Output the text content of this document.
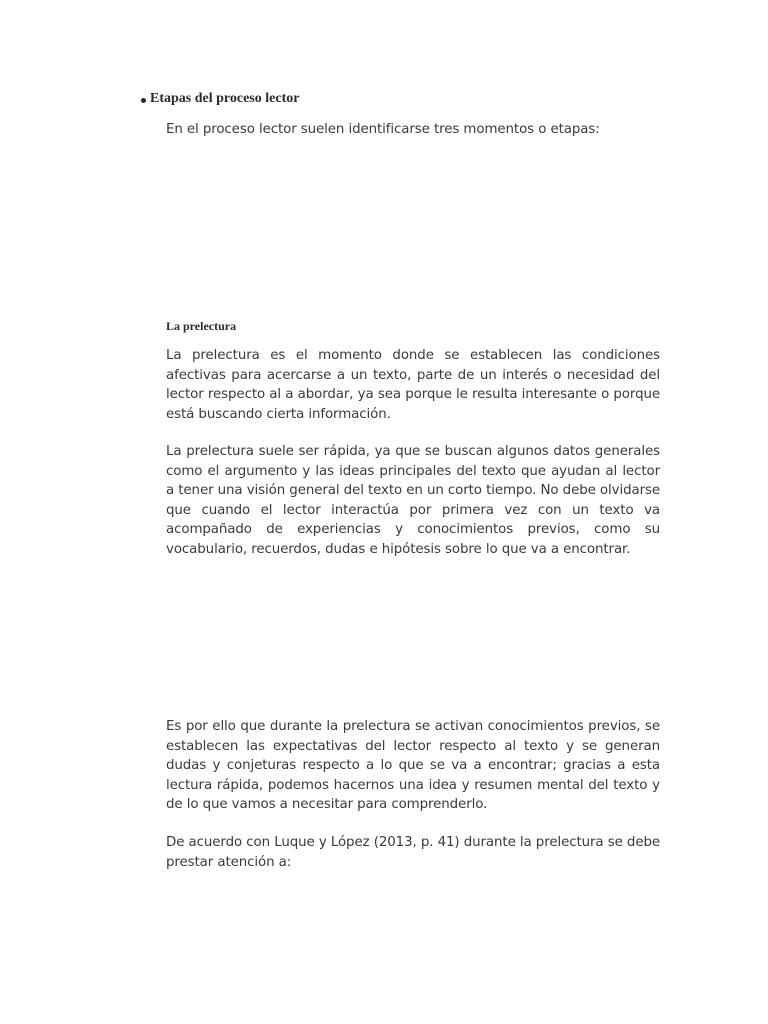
Etapas del proceso lector

En el proceso lector suelen identificarse tres momentos o etapas:

La prelectura

La prelectura es el momento donde se establecen las condiciones afectivas para acercarse a un texto, parte de un interés o necesidad del lector respecto al a abordar, ya sea porque le resulta interesante o porque está buscando cierta información.

La prelectura suele ser rápida, ya que se buscan algunos datos generales como el argumento y las ideas principales del texto que ayudan al lector a tener una visión general del texto en un corto tiempo. No debe olvidarse que cuando el lector interactúa por primera vez con un texto va acompañado de experiencias y conocimientos previos, como su vocabulario, recuerdos, dudas e hipótesis sobre lo que va a encontrar.

Es por ello que durante la prelectura se activan conocimientos previos, se establecen las expectativas del lector respecto al texto y se generan dudas y conjeturas respecto a lo que se va a encontrar; gracias a esta lectura rápida, podemos hacernos una idea y resumen mental del texto y de lo que vamos a necesitar para comprenderlo.

De acuerdo con Luque y López (2013, p. 41) durante la prelectura se debe prestar atención a:
